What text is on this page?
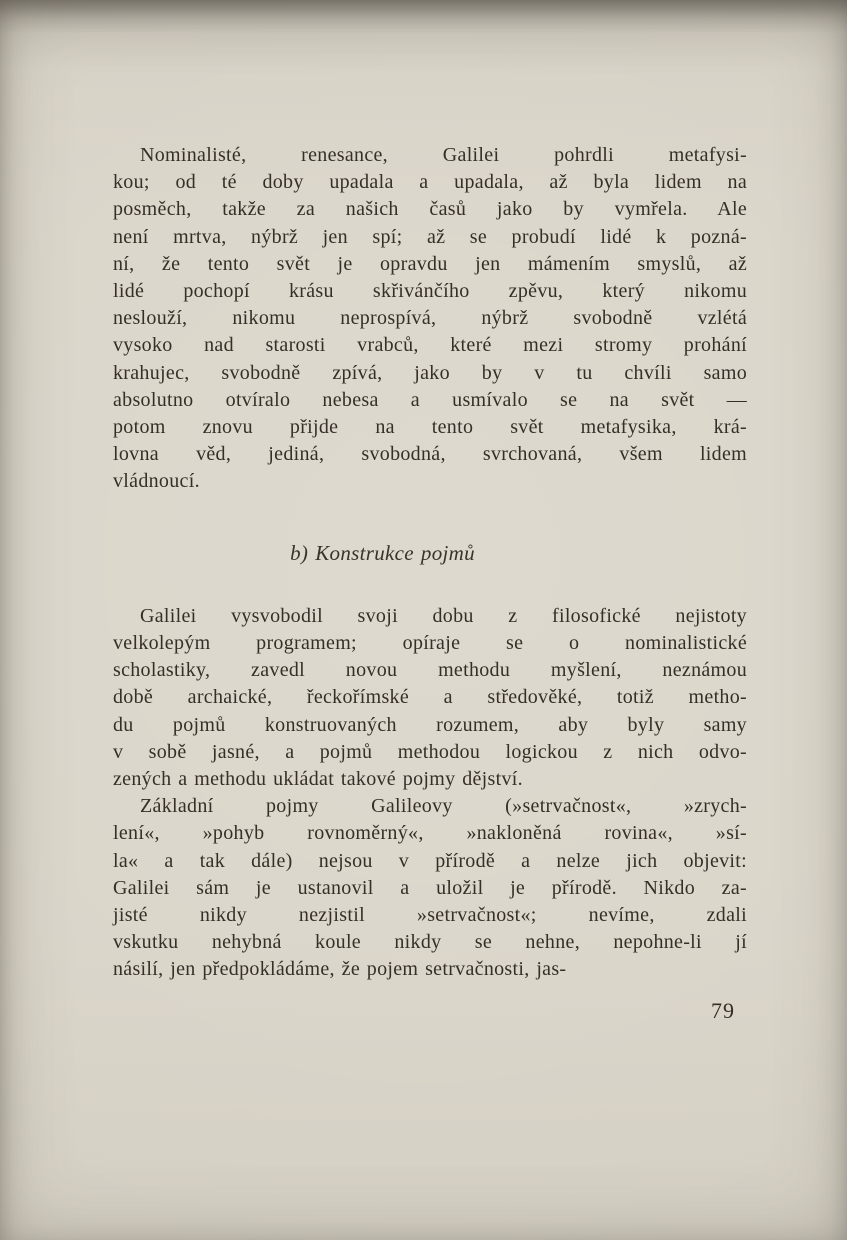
Nominalisté, renesance, Galilei pohrdli metafysi-
kou; od té doby upadala a upadala, až byla lidem na
posměch, takže za našich časů jako by vymřela. Ale
není mrtva, nýbrž jen spí; až se probudí lidé k pozná-
ní, že tento svět je opravdu jen mámením smyslů, až
lidé pochopí krásu skřivánčího zpěvu, který nikomu
neslouží, nikomu neprospívá, nýbrž svobodně vzlétá
vysoko nad starosti vrabců, které mezi stromy prohání
krahujec, svobodně zpívá, jako by v tu chvíli samo
absolutno otvíralo nebesa a usmívalo se na svět —
potom znovu přijde na tento svět metafysika, krá-
lovna věd, jediná, svobodná, svrchovaná, všem lidem
vládnoucí.
b) Konstrukce pojmů
Galilei vysvobodil svoji dobu z filosofické nejistoty
velkolepým programem; opíraje se o nominalistické
scholastiky, zavedl novou methodu myšlení, neznámou
době archaické, řeckořímské a středověké, totiž metho-
du pojmů konstruovaných rozumem, aby byly samy
v sobě jasné, a pojmů methodou logickou z nich odvo-
zených a methodu ukládat takové pojmy dějství.
Základní pojmy Galileovy (»setrvačnost«, »zrych-
lení«, »pohyb rovnoměrný«, »nakloněná rovina«, »sí-
la« a tak dále) nejsou v přírodě a nelze jich objevit:
Galilei sám je ustanovil a uložil je přírodě. Nikdo za-
jisté nikdy nezjistil »setrvačnost«; nevíme, zdali
vskutku nehybná koule nikdy se nehne, nepohne-li jí
násilí, jen předpokládáme, že pojem setrvačnosti, jas-
79
